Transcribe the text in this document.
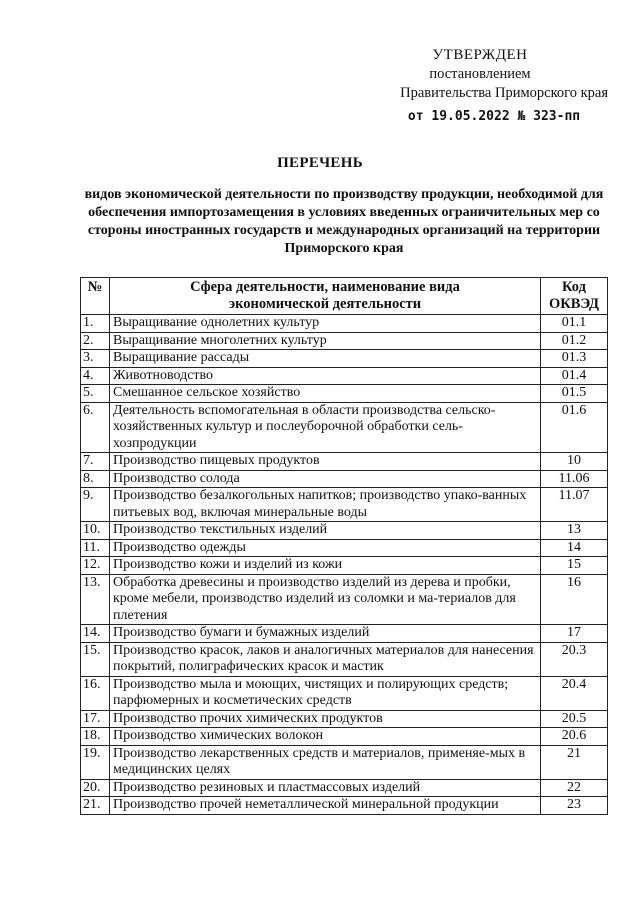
УТВЕРЖДЕН
постановлением
Правительства Приморского края
от 19.05.2022 № 323-пп
ПЕРЕЧЕНЬ
видов экономической деятельности по производству продукции, необходимой для обеспечения импортозамещения в условиях введенных ограничительных мер со стороны иностранных государств и международных организаций на территории Приморского края
№	Сфера деятельности, наименование вида экономической деятельности	Код ОКВЭД
1.	Выращивание однолетних культур	01.1
2.	Выращивание многолетних культур	01.2
3.	Выращивание рассады	01.3
4.	Животноводство	01.4
5.	Смешанное сельское хозяйство	01.5
6.	Деятельность вспомогательная в области производства сельско-хозяйственных культур и послеуборочной обработки сель-хозпродукции	01.6
7.	Производство пищевых продуктов	10
8.	Производство солода	11.06
9.	Производство безалкогольных напитков; производство упако-ванных питьевых вод, включая минеральные воды	11.07
10.	Производство текстильных изделий	13
11.	Производство одежды	14
12.	Производство кожи и изделий из кожи	15
13.	Обработка древесины и производство изделий из дерева и пробки, кроме мебели, производство изделий из соломки и ма-териалов для плетения	16
14.	Производство бумаги и бумажных изделий	17
15.	Производство красок, лаков и аналогичных материалов для нанесения покрытий, полиграфических красок и мастик	20.3
16.	Производство мыла и моющих, чистящих и полирующих средств; парфюмерных и косметических средств	20.4
17.	Производство прочих химических продуктов	20.5
18.	Производство химических волокон	20.6
19.	Производство лекарственных средств и материалов, применяе-мых в медицинских целях	21
20.	Производство резиновых и пластмассовых изделий	22
21.	Производство прочей неметаллической минеральной продукции	23
